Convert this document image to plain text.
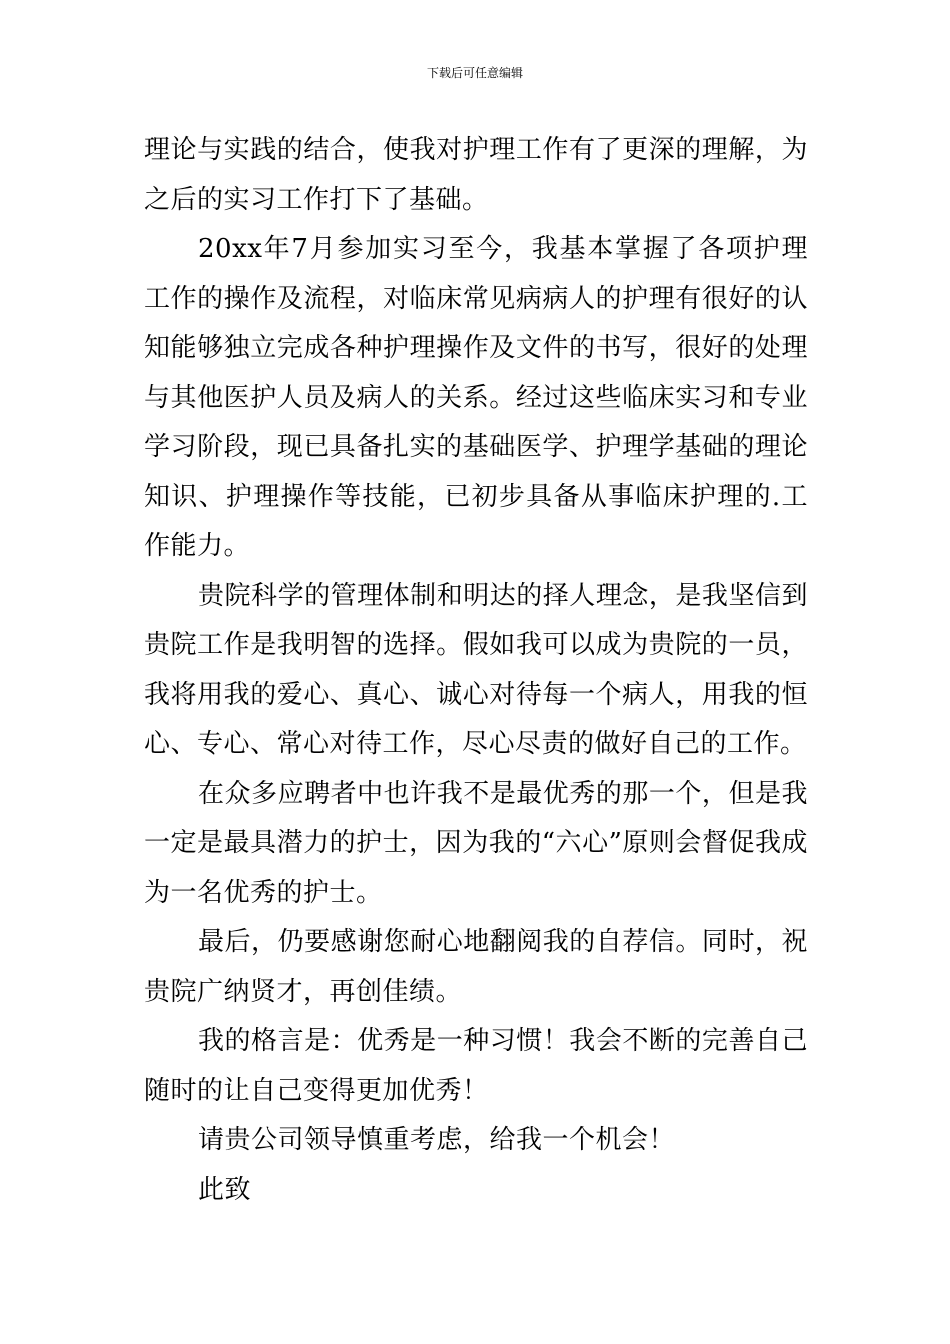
下载后可任意编辑

理论与实践的结合，使我对护理工作有了更深的理解，为之后的实习工作打下了基础。

20xx年7月参加实习至今，我基本掌握了各项护理工作的操作及流程，对临床常见病病人的护理有很好的认知能够独立完成各种护理操作及文件的书写，很好的处理与其他医护人员及病人的关系。经过这些临床实习和专业学习阶段，现已具备扎实的基础医学、护理学基础的理论知识、护理操作等技能，已初步具备从事临床护理的.工作能力。

贵院科学的管理体制和明达的择人理念，是我坚信到贵院工作是我明智的选择。假如我可以成为贵院的一员，我将用我的爱心、真心、诚心对待每一个病人，用我的恒心、专心、常心对待工作，尽心尽责的做好自己的工作。

在众多应聘者中也许我不是最优秀的那一个，但是我一定是最具潜力的护士，因为我的“六心”原则会督促我成为一名优秀的护士。

最后，仍要感谢您耐心地翻阅我的自荐信。同时，祝贵院广纳贤才，再创佳绩。

我的格言是：优秀是一种习惯！我会不断的完善自己随时的让自己变得更加优秀！

请贵公司领导慎重考虑，给我一个机会！

此致
